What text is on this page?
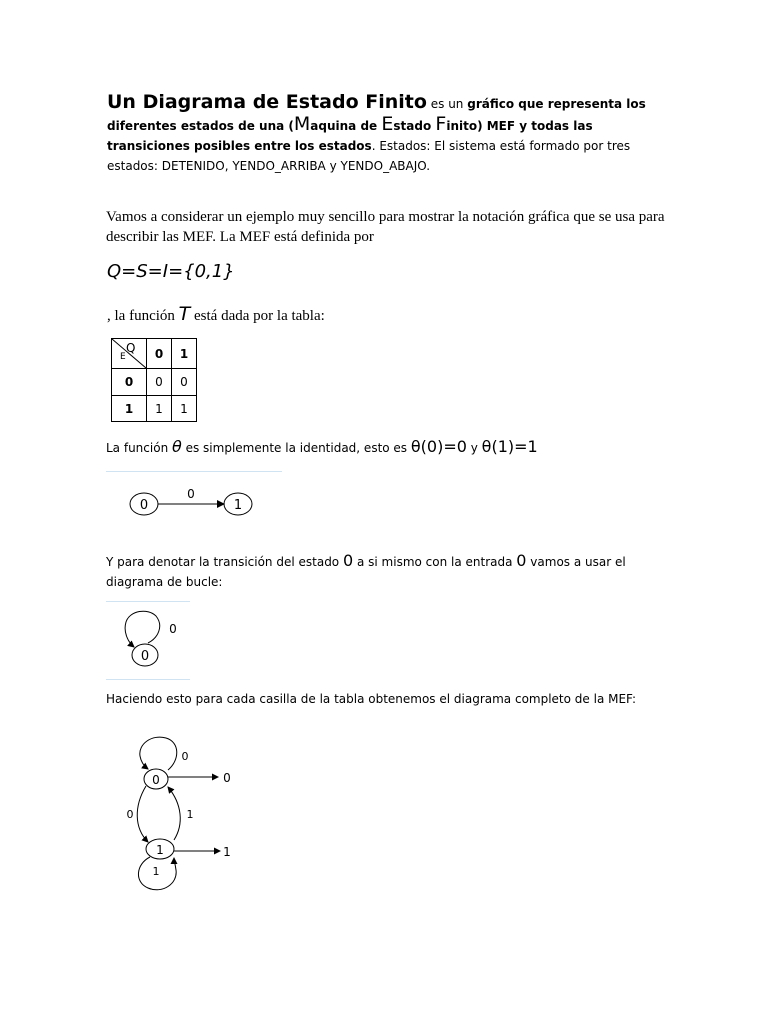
Un Diagrama de Estado Finito es un gráfico que representa los diferentes estados de una (Maquina de Estado Finito) MEF y todas las transiciones posibles entre los estados. Estados: El sistema está formado por tres estados: DETENIDO, YENDO_ARRIBA y YENDO_ABAJO.
Vamos a considerar un ejemplo muy sencillo para mostrar la notación gráfica que se usa para describir las MEF. La MEF está definida por
Q=S=I={0,1}
, la función T está dada por la tabla:
Q
E	0	1
0	0	0
1	1	1
La función θ es simplemente la identidad, esto es θ(0)=0 y θ(1)=1
0
0
1
Y para denotar la transición del estado 0 a si mismo con la entrada 0 vamos a usar el diagrama de bucle:
0
0
Haciendo esto para cada casilla de la tabla obtenemos el diagrama completo de la MEF:
0
0	0
0	1
1	1
1
